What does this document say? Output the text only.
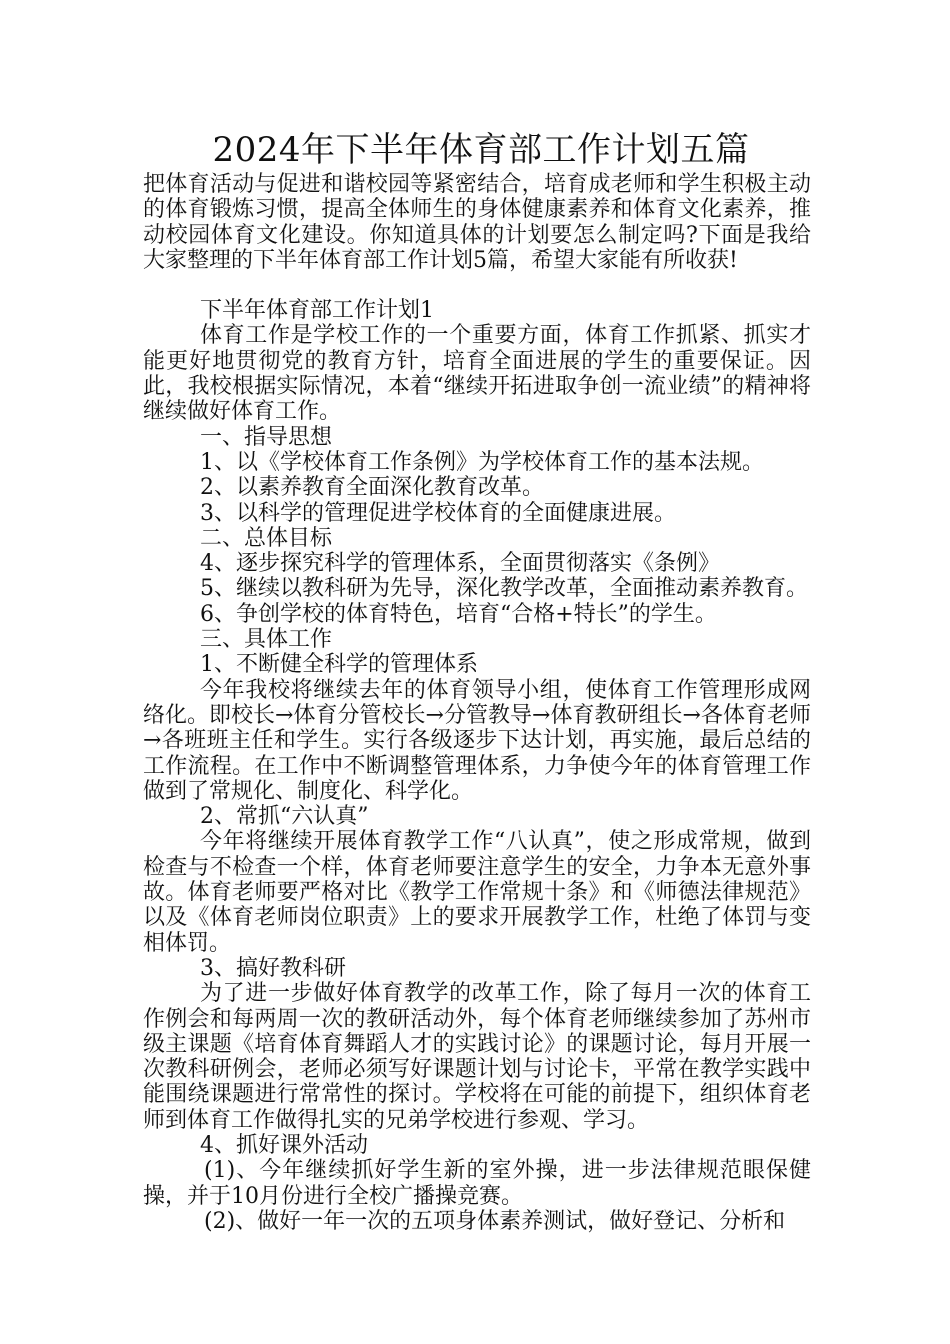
2024年下半年体育部工作计划五篇

把体育活动与促进和谐校园等紧密结合，培育成老师和学生积极主动的体育锻炼习惯，提高全体师生的身体健康素养和体育文化素养，推动校园体育文化建设。你知道具体的计划要怎么制定吗?下面是我给大家整理的下半年体育部工作计划5篇，希望大家能有所收获!

下半年体育部工作计划1

体育工作是学校工作的一个重要方面，体育工作抓紧、抓实才能更好地贯彻党的教育方针，培育全面进展的学生的重要保证。因此，我校根据实际情况，本着“继续开拓进取争创一流业绩”的精神将继续做好体育工作。

一、指导思想

1、以《学校体育工作条例》为学校体育工作的基本法规。

2、以素养教育全面深化教育改革。

3、以科学的管理促进学校体育的全面健康进展。

二、总体目标

4、逐步探究科学的管理体系，全面贯彻落实《条例》

5、继续以教科研为先导，深化教学改革，全面推动素养教育。

6、争创学校的体育特色，培育“合格+特长”的学生。

三、具体工作

1、不断健全科学的管理体系

今年我校将继续去年的体育领导小组，使体育工作管理形成网络化。即校长→体育分管校长→分管教导→体育教研组长→各体育老师→各班班主任和学生。实行各级逐步下达计划，再实施，最后总结的工作流程。在工作中不断调整管理体系，力争使今年的体育管理工作做到了常规化、制度化、科学化。

2、常抓“六认真”

今年将继续开展体育教学工作“八认真”，使之形成常规，做到检查与不检查一个样，体育老师要注意学生的安全，力争本无意外事故。体育老师要严格对比《教学工作常规十条》和《师德法律规范》以及《体育老师岗位职责》上的要求开展教学工作，杜绝了体罚与变相体罚。

3、搞好教科研

为了进一步做好体育教学的改革工作，除了每月一次的体育工作例会和每两周一次的教研活动外，每个体育老师继续参加了苏州市级主课题《培育体育舞蹈人才的实践讨论》的课题讨论，每月开展一次教科研例会，老师必须写好课题计划与讨论卡，平常在教学实践中能围绕课题进行常常性的探讨。学校将在可能的前提下，组织体育老师到体育工作做得扎实的兄弟学校进行参观、学习。

4、抓好课外活动

(1)、今年继续抓好学生新的室外操，进一步法律规范眼保健操，并于10月份进行全校广播操竞赛。

(2)、做好一年一次的五项身体素养测试，做好登记、分析和
